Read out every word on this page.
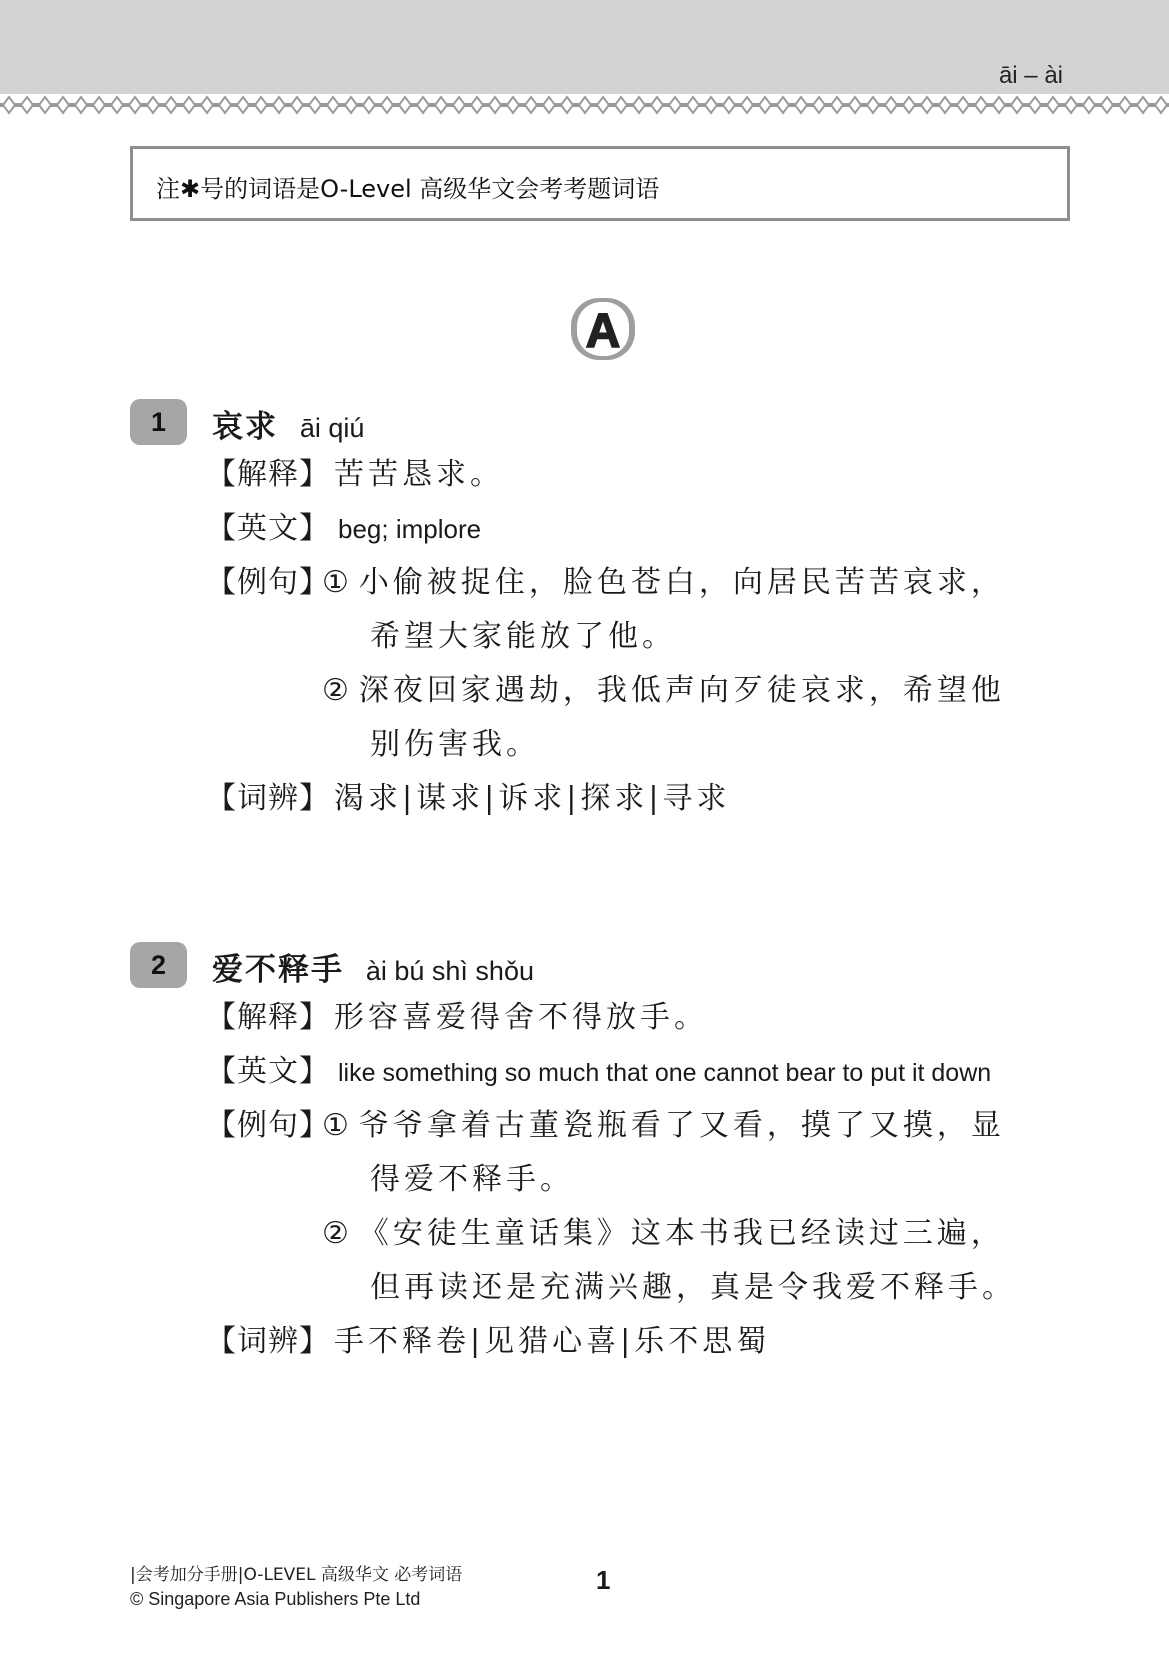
āi – ài
注✱号的词语是O-Level 高级华文会考考题词语
A
1	哀求 āi qiú
【解释】 苦苦恳求。
【英文】 beg; implore
【例句】
① 小偷被捉住，脸色苍白，向居民苦苦哀求，
希望大家能放了他。
② 深夜回家遇劫，我低声向歹徒哀求，希望他
别伤害我。
【词辨】 渴求|谋求|诉求|探求|寻求
2	爱不释手 ài bú shì shǒu
【解释】 形容喜爱得舍不得放手。
【英文】 like something so much that one cannot bear to put it down
【例句】
① 爷爷拿着古董瓷瓶看了又看，摸了又摸，显
得爱不释手。
② 《安徒生童话集》这本书我已经读过三遍，
但再读还是充满兴趣，真是令我爱不释手。
【词辨】 手不释卷|见猎心喜|乐不思蜀
|会考加分手册|O-LEVEL 高级华文 必考词语
© Singapore Asia Publishers Pte Ltd
1
